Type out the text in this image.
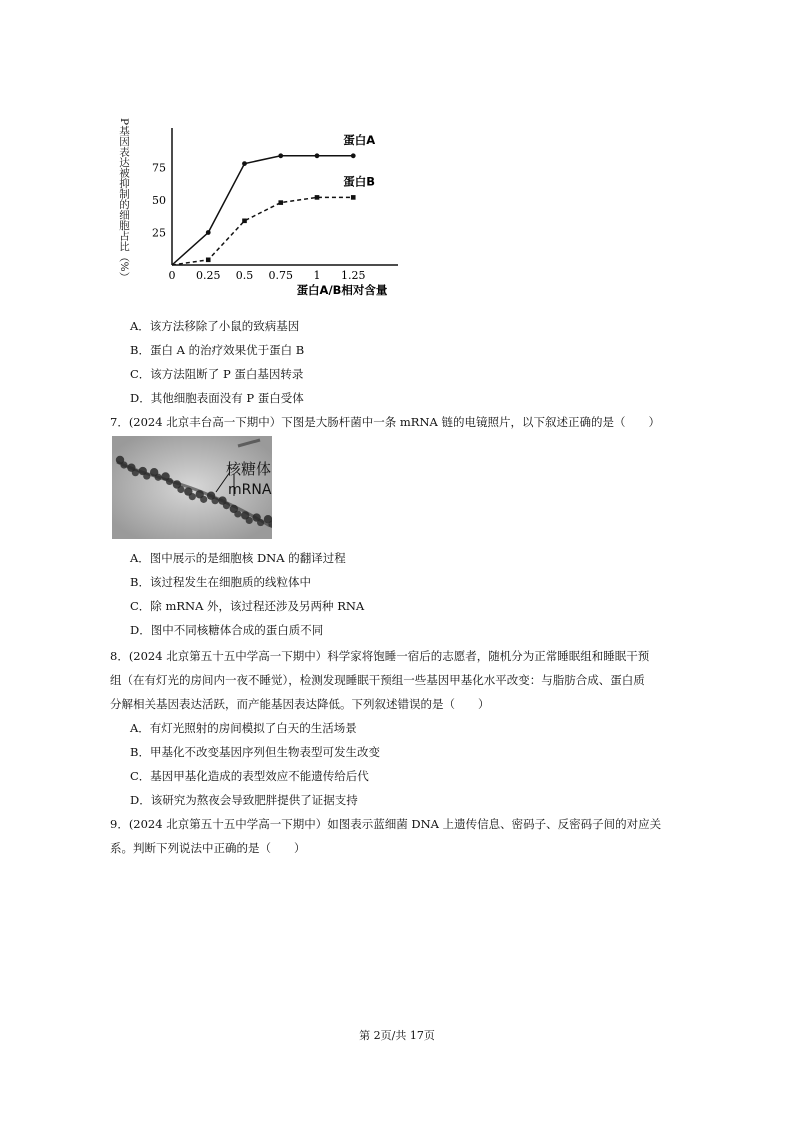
P基因表达被抑制的细胞占比（%）	0 0.25 0.5 0.75 1 1.25
25
50
75
蛋白A/B相对含量
蛋白A
蛋白B
A．该方法移除了小鼠的致病基因
B．蛋白 A 的治疗效果优于蛋白 B
C．该方法阻断了 P 蛋白基因转录
D．其他细胞表面没有 P 蛋白受体
7．(2024 北京丰台高一下期中）下图是大肠杆菌中一条 mRNA 链的电镜照片，以下叙述正确的是（　　）
核糖体
mRNA
A．图中展示的是细胞核 DNA 的翻译过程
B．该过程发生在细胞质的线粒体中
C．除 mRNA 外，该过程还涉及另两种 RNA
D．图中不同核糖体合成的蛋白质不同
8．(2024 北京第五十五中学高一下期中）科学家将饱睡一宿后的志愿者，随机分为正常睡眠组和睡眠干预
组（在有灯光的房间内一夜不睡觉），检测发现睡眠干预组一些基因甲基化水平改变：与脂肪合成、蛋白质
分解相关基因表达活跃，而产能基因表达降低。下列叙述错误的是（　　）
A．有灯光照射的房间模拟了白天的生活场景
B．甲基化不改变基因序列但生物表型可发生改变
C．基因甲基化造成的表型效应不能遗传给后代
D．该研究为熬夜会导致肥胖提供了证据支持
9．(2024 北京第五十五中学高一下期中）如图表示蓝细菌 DNA 上遗传信息、密码子、反密码子间的对应关
系。判断下列说法中正确的是（　　）
第 2页/共 17页
